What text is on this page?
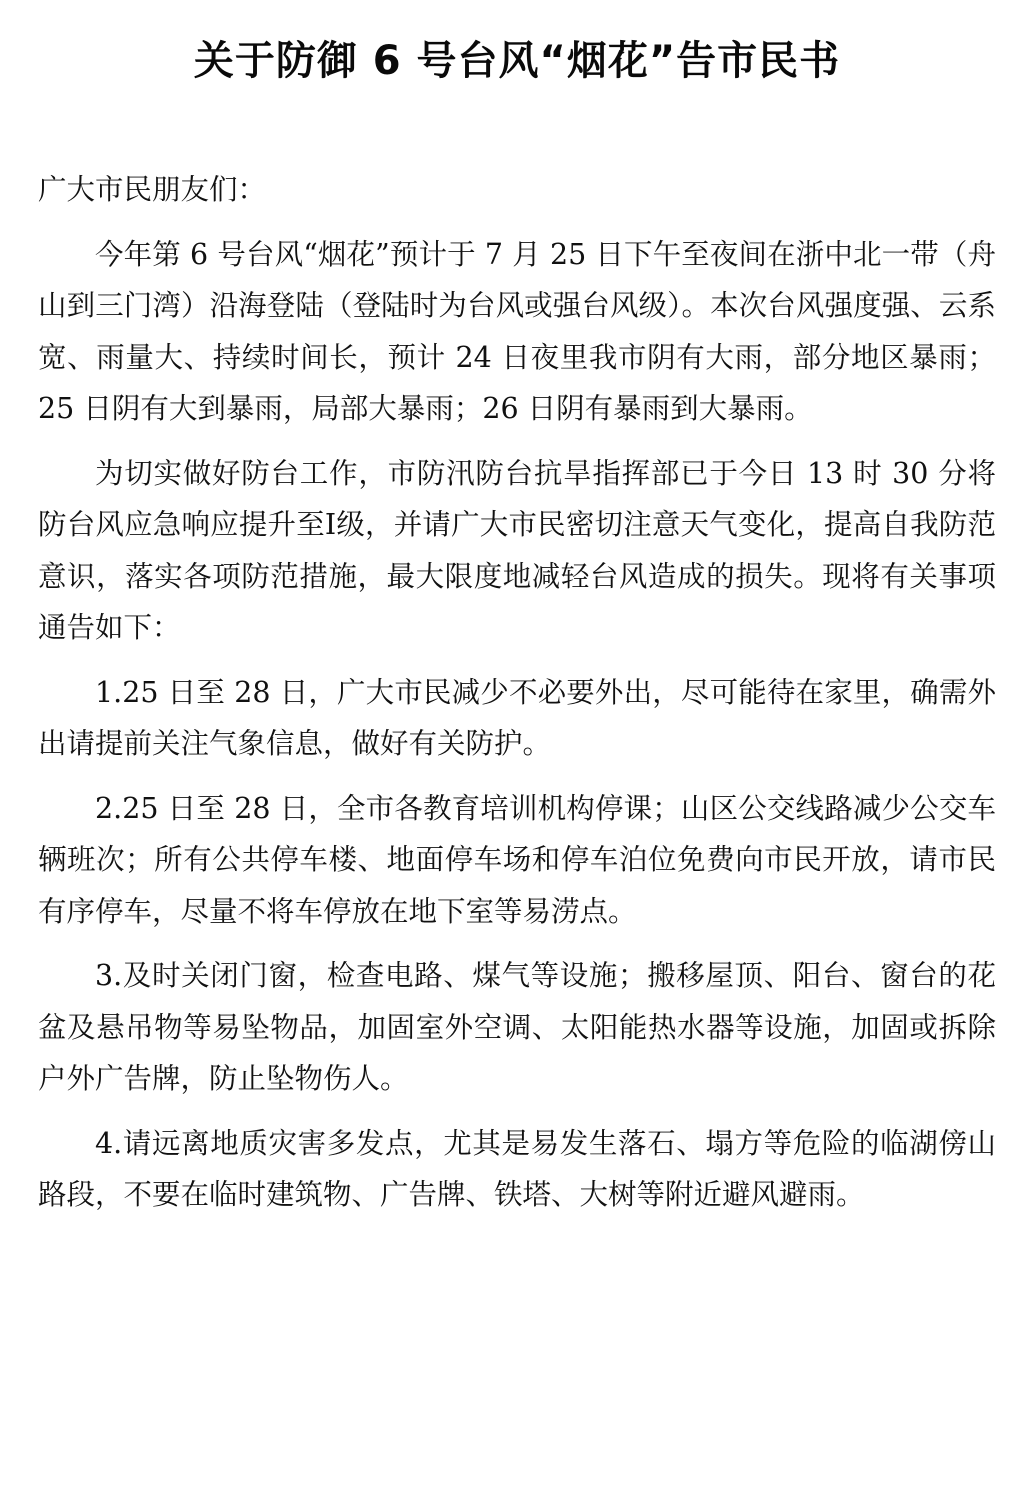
关于防御 6 号台风“烟花”告市民书

广大市民朋友们：

今年第 6 号台风“烟花”预计于 7 月 25 日下午至夜间在浙中北一带（舟山到三门湾）沿海登陆（登陆时为台风或强台风级）。本次台风强度强、云系宽、雨量大、持续时间长，预计 24 日夜里我市阴有大雨，部分地区暴雨；25 日阴有大到暴雨，局部大暴雨；26 日阴有暴雨到大暴雨。

为切实做好防台工作，市防汛防台抗旱指挥部已于今日 13 时 30 分将防台风应急响应提升至Ⅰ级，并请广大市民密切注意天气变化，提高自我防范意识，落实各项防范措施，最大限度地减轻台风造成的损失。现将有关事项通告如下：

1.25 日至 28 日，广大市民减少不必要外出，尽可能待在家里，确需外出请提前关注气象信息，做好有关防护。

2.25 日至 28 日，全市各教育培训机构停课；山区公交线路减少公交车辆班次；所有公共停车楼、地面停车场和停车泊位免费向市民开放，请市民有序停车，尽量不将车停放在地下室等易涝点。

3.及时关闭门窗，检查电路、煤气等设施；搬移屋顶、阳台、窗台的花盆及悬吊物等易坠物品，加固室外空调、太阳能热水器等设施，加固或拆除户外广告牌，防止坠物伤人。

4.请远离地质灾害多发点，尤其是易发生落石、塌方等危险的临湖傍山路段，不要在临时建筑物、广告牌、铁塔、大树等附近避风避雨。
